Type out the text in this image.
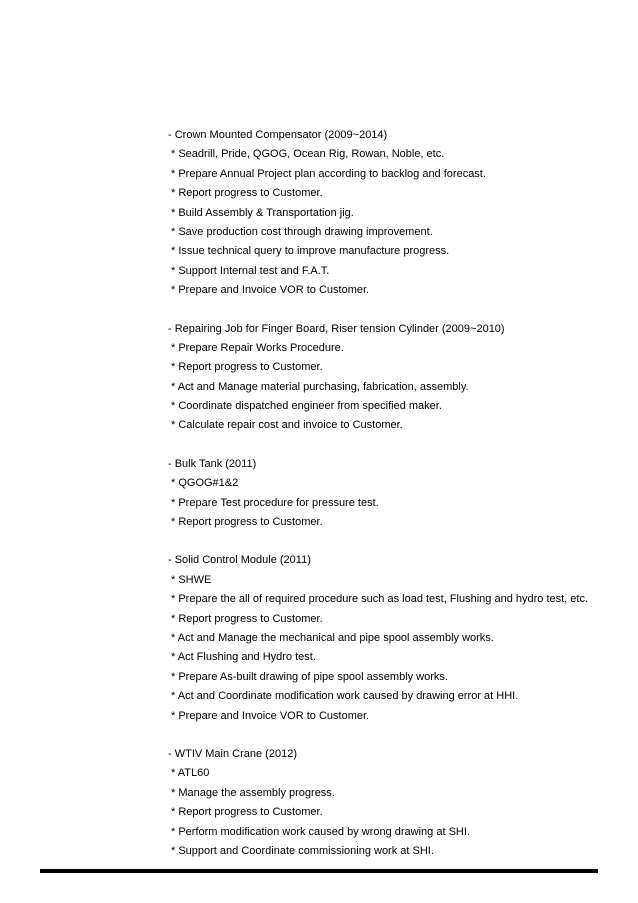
- Crown Mounted Compensator (2009~2014)
* Seadrill, Pride, QGOG, Ocean Rig, Rowan, Noble, etc.
* Prepare Annual Project plan according to backlog and forecast.
* Report progress to Customer.
* Build Assembly & Transportation jig.
* Save production cost through drawing improvement.
* Issue technical query to improve manufacture progress.
* Support Internal test and F.A.T.
* Prepare and Invoice VOR to Customer.
- Repairing Job for Finger Board, Riser tension Cylinder (2009~2010)
* Prepare Repair Works Procedure.
* Report progress to Customer.
* Act and Manage material purchasing, fabrication, assembly.
* Coordinate dispatched engineer from specified maker.
* Calculate repair cost and invoice to Customer.
- Bulk Tank (2011)
* QGOG#1&2
* Prepare Test procedure for pressure test.
* Report progress to Customer.
- Solid Control Module (2011)
* SHWE
* Prepare the all of required procedure such as load test, Flushing and hydro test, etc.
* Report progress to Customer.
* Act and Manage the mechanical and pipe spool assembly works.
* Act Flushing and Hydro test.
* Prepare As-built drawing of pipe spool assembly works.
* Act and Coordinate modification work caused by drawing error at HHI.
* Prepare and Invoice VOR to Customer.
- WTIV Main Crane (2012)
* ATL60
* Manage the assembly progress.
* Report progress to Customer.
* Perform modification work caused by wrong drawing at SHI.
* Support and Coordinate commissioning work at SHI.
